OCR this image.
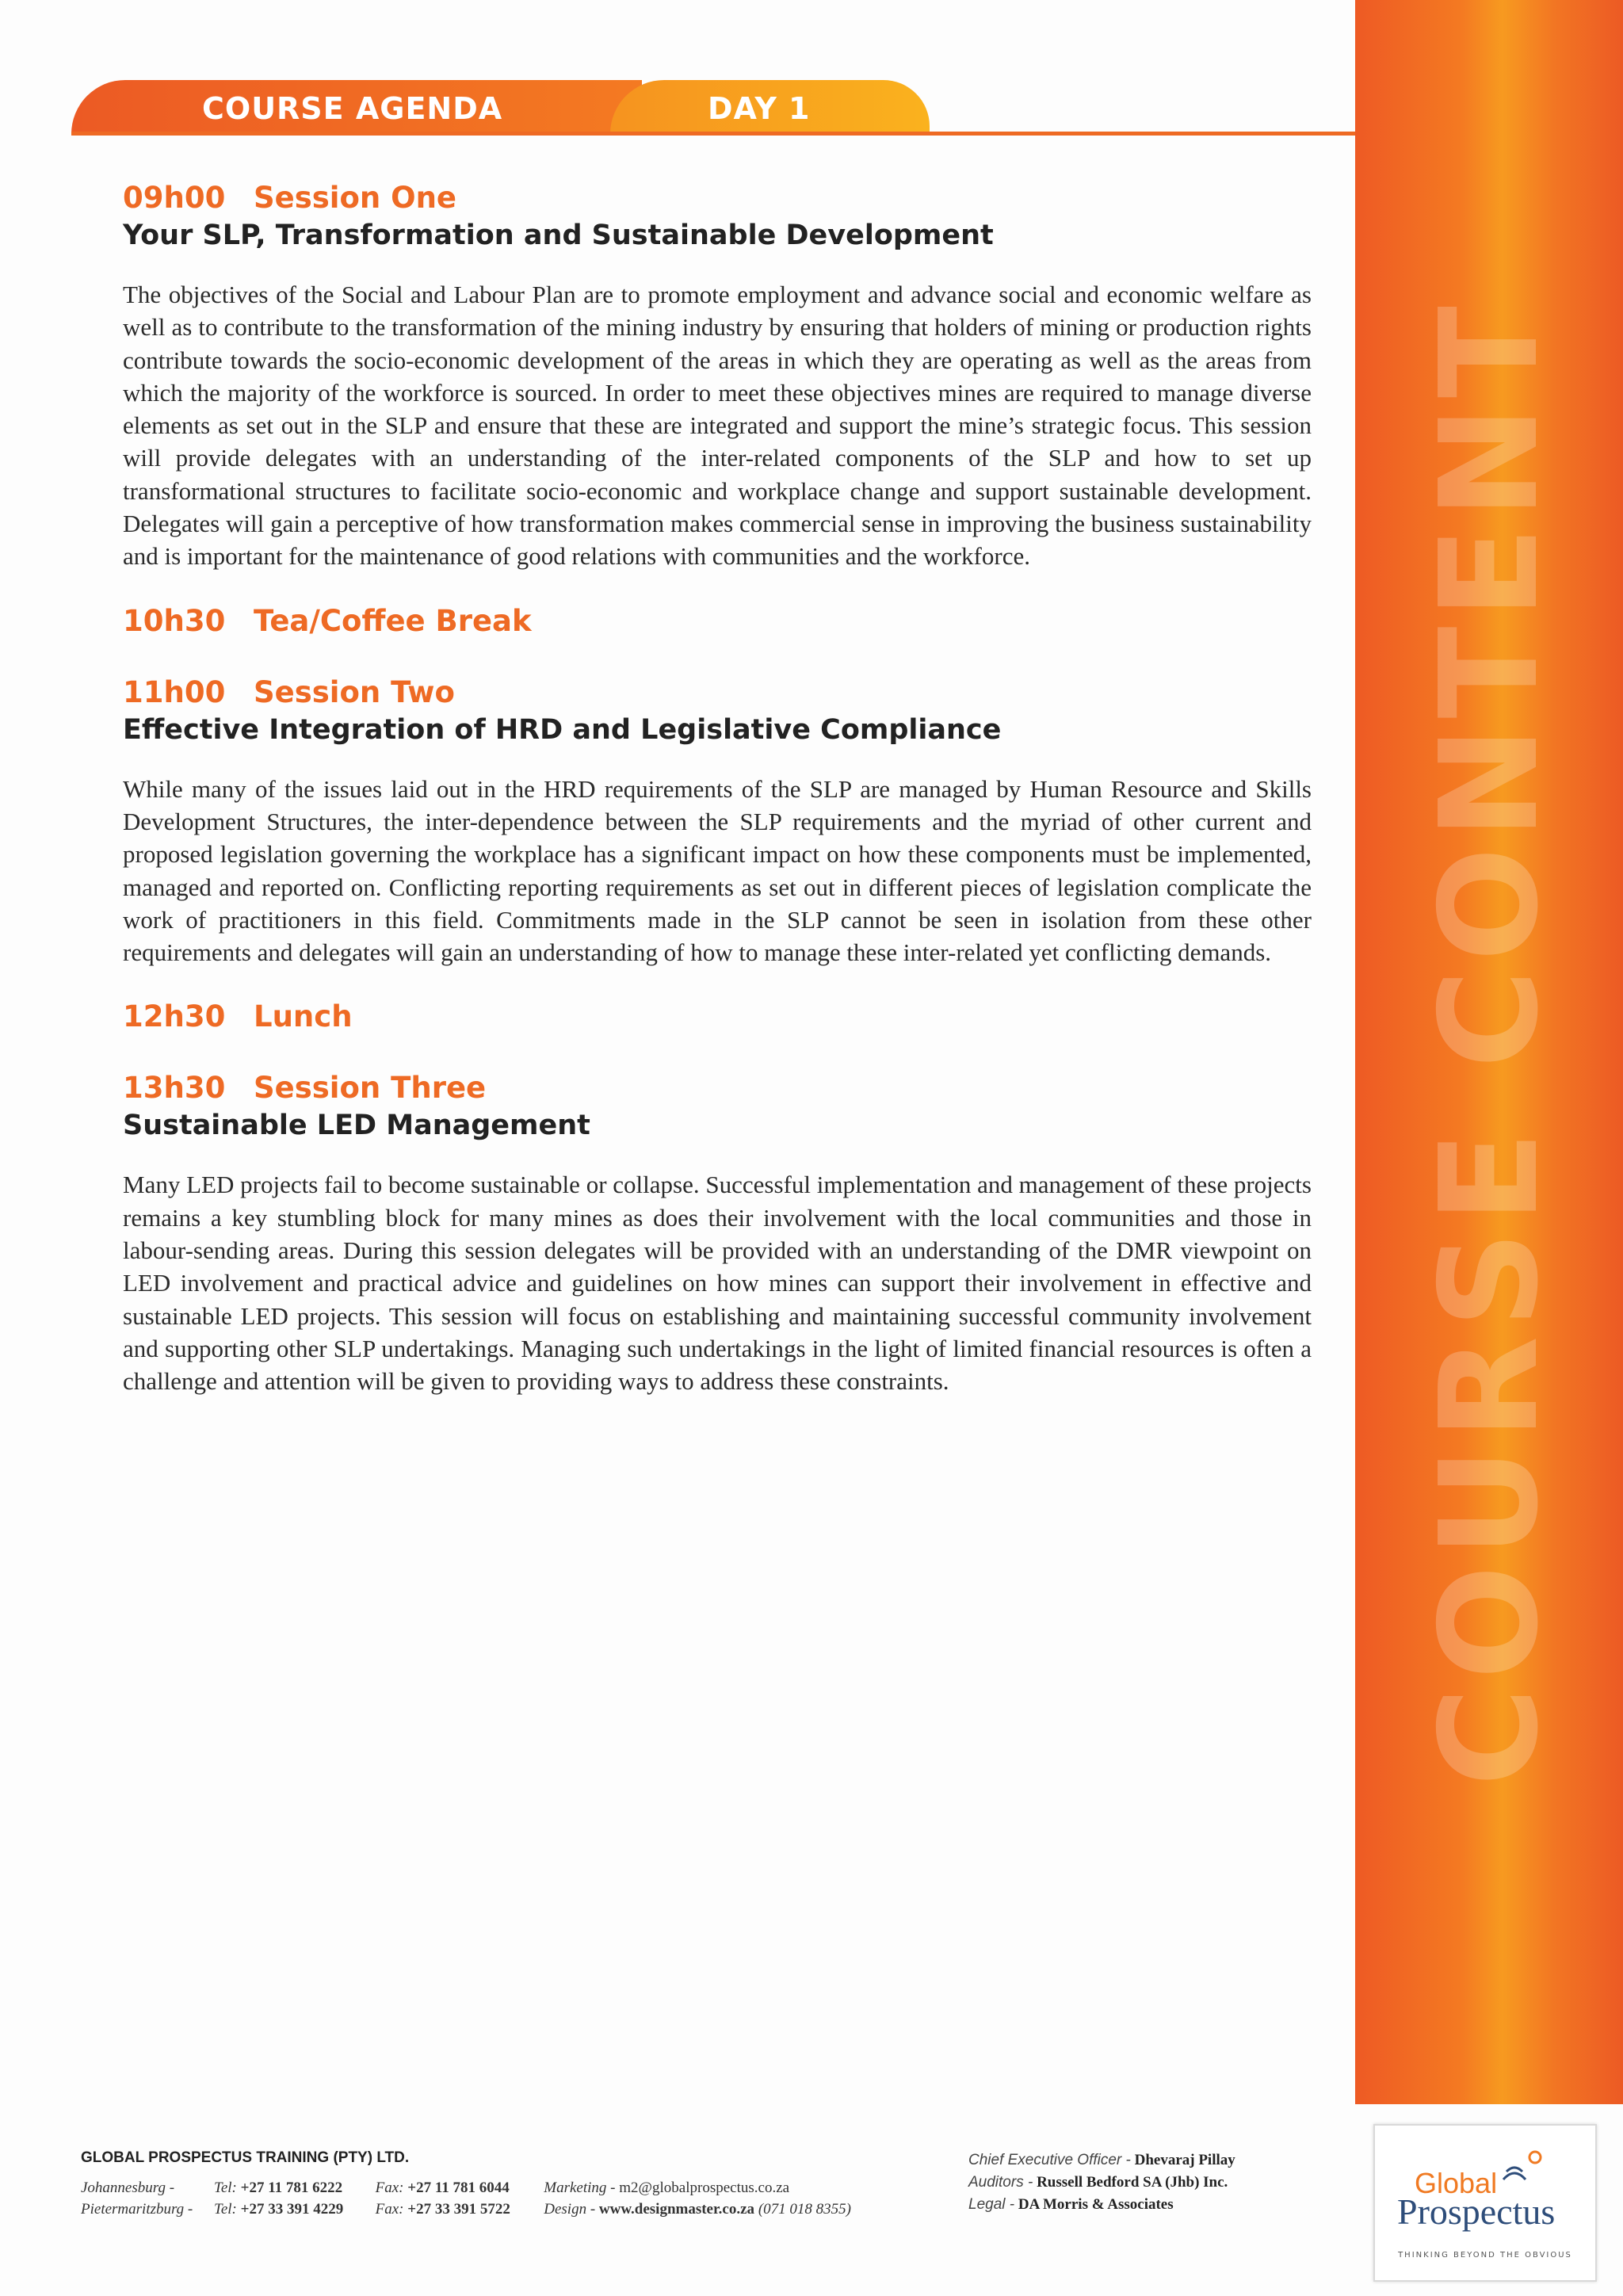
COURSE CONTENT
COURSE AGENDA	DAY 1

09h00 Session One

Your SLP, Transformation and Sustainable Development

The objectives of the Social and Labour Plan are to promote employment and advance social and economic welfare as well as to contribute to the transformation of the mining industry by ensuring that holders of mining or production rights contribute towards the socio-economic development of the areas in which they are operating as well as the areas from which the majority of the workforce is sourced. In order to meet these objectives mines are required to manage diverse elements as set out in the SLP and ensure that these are integrated and support the mine’s strategic focus. This session will provide delegates with an understanding of the inter-related components of the SLP and how to set up transformational structures to facilitate socio-economic and workplace change and support sustainable development. Delegates will gain a perceptive of how transformation makes commercial sense in improving the business sustainability and is important for the maintenance of good relations with communities and the workforce.

10h30 Tea/Coffee Break

11h00 Session Two

Effective Integration of HRD and Legislative Compliance

While many of the issues laid out in the HRD requirements of the SLP are managed by Human Resource and Skills Development Structures, the inter-dependence between the SLP requirements and the myriad of other current and proposed legislation governing the workplace has a significant impact on how these components must be implemented, managed and reported on. Conflicting reporting requirements as set out in different pieces of legislation complicate the work of practitioners in this field. Commitments made in the SLP cannot be seen in isolation from these other requirements and delegates will gain an understanding of how to manage these inter-related yet conflicting demands.

12h30 Lunch

13h30 Session Three

Sustainable LED Management

Many LED projects fail to become sustainable or collapse. Successful implementation and management of these projects remains a key stumbling block for many mines as does their involvement with the local communities and those in labour-sending areas. During this session delegates will be provided with an understanding of the DMR viewpoint on LED involvement and practical advice and guidelines on how mines can support their involvement in effective and sustainable LED projects. This session will focus on establishing and maintaining successful community involvement and supporting other SLP undertakings. Managing such undertakings in the light of limited financial resources is often a challenge and attention will be given to providing ways to address these constraints.

GLOBAL PROSPECTUS TRAINING (PTY) LTD.
Johannesburg -	Tel: +27 11 781 6222 Fax: +27 11 781 6044 Marketing - m2@globalprospectus.co.za
Pietermaritzburg - Tel: +27 33 391 4229 Fax: +27 33 391 5722 Design - www.designmaster.co.za (071 018 8355)
Chief Executive Officer - Dhevaraj Pillay
Auditors - Russell Bedford SA (Jhb) Inc.
Legal - DA Morris & Associates
Global
Prospectus
THINKING BEYOND THE OBVIOUS
